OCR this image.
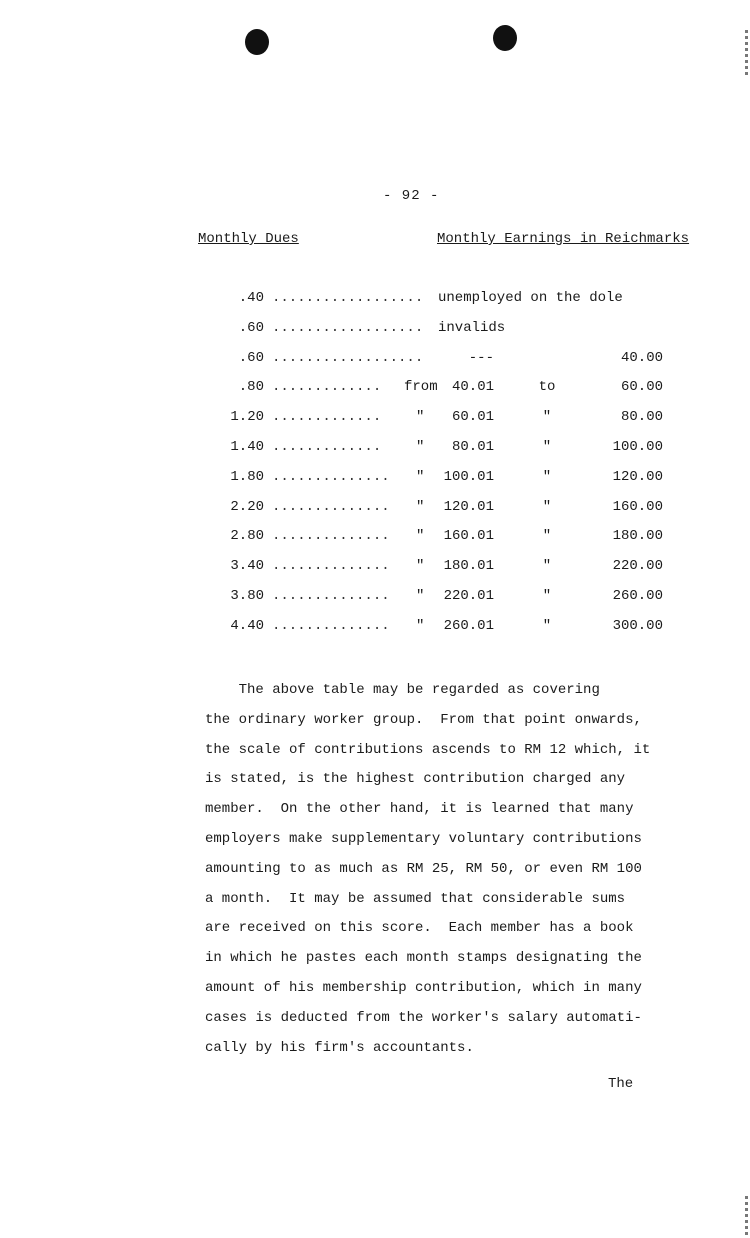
- 92 -
Monthly Dues	Monthly Earnings in Reichmarks
.40 .................. unemployed on the dole
.60 .................. invalids
.60 ..................	---	40.00
.80 ............. from	40.01	to	60.00
1.20 ............. "	60.01	"	80.00
1.40 ............. "	80.01	"	100.00
1.80 .............. "	100.01	"	120.00
2.20 .............. "	120.01	"	160.00
2.80 .............. "	160.01	"	180.00
3.40 .............. "	180.01	"	220.00
3.80 .............. "	220.01	"	260.00
4.40 .............. "	260.01	"	300.00
The above table may be regarded as covering
the ordinary worker group.  From that point onwards,
the scale of contributions ascends to RM 12 which, it
is stated, is the highest contribution charged any
member.  On the other hand, it is learned that many
employers make supplementary voluntary contributions
amounting to as much as RM 25, RM 50, or even RM 100
a month.  It may be assumed that considerable sums
are received on this score.  Each member has a book
in which he pastes each month stamps designating the
amount of his membership contribution, which in many
cases is deducted from the worker's salary automati-
cally by his firm's accountants.
The
